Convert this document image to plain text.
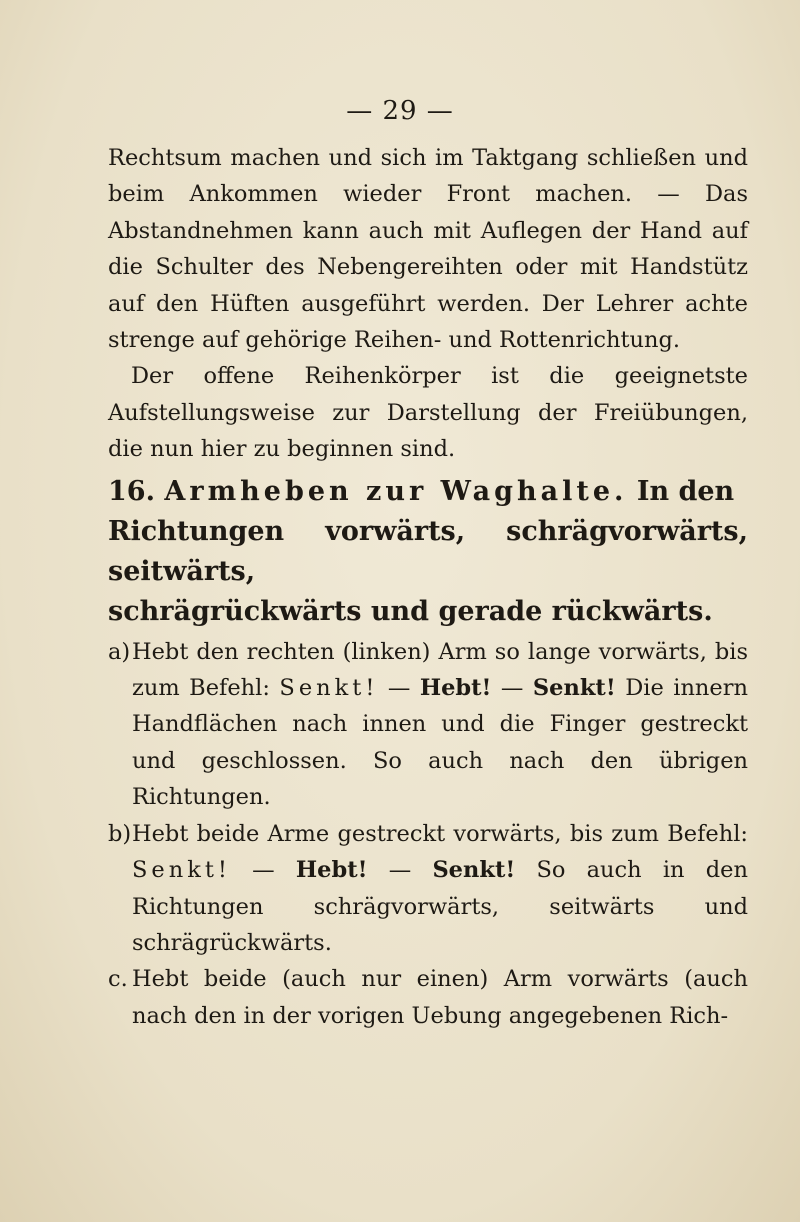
— 29 —

Rechtsum machen und sich im Taktgang schließen und beim Ankommen wieder Front machen. — Das Abstandnehmen kann auch mit Auflegen der Hand auf die Schulter des Nebengereihten oder mit Handstütz auf den Hüften ausgeführt werden. Der Lehrer achte strenge auf gehörige Reihen- und Rottenrichtung.

Der offene Reihenkörper ist die geeignetste Aufstellungsweise zur Darstellung der Freiübungen, die nun hier zu beginnen sind.

16. Armheben zur Waghalte. In den

Richtungen vorwärts, schrägvorwärts, seitwärts,

schrägrückwärts und gerade rückwärts.

a) Hebt den rechten (linken) Arm so lange vorwärts, bis zum Befehl: Senkt! — Hebt! — Senkt! Die innern Handflächen nach innen und die Finger gestreckt und geschlossen. So auch nach den übrigen Richtungen.
b) Hebt beide Arme gestreckt vorwärts, bis zum Befehl: Senkt! — Hebt! — Senkt! So auch in den Richtungen schrägvorwärts, seitwärts und schrägrückwärts.
c. Hebt beide (auch nur einen) Arm vorwärts (auch nach den in der vorigen Uebung angegebenen Rich-
